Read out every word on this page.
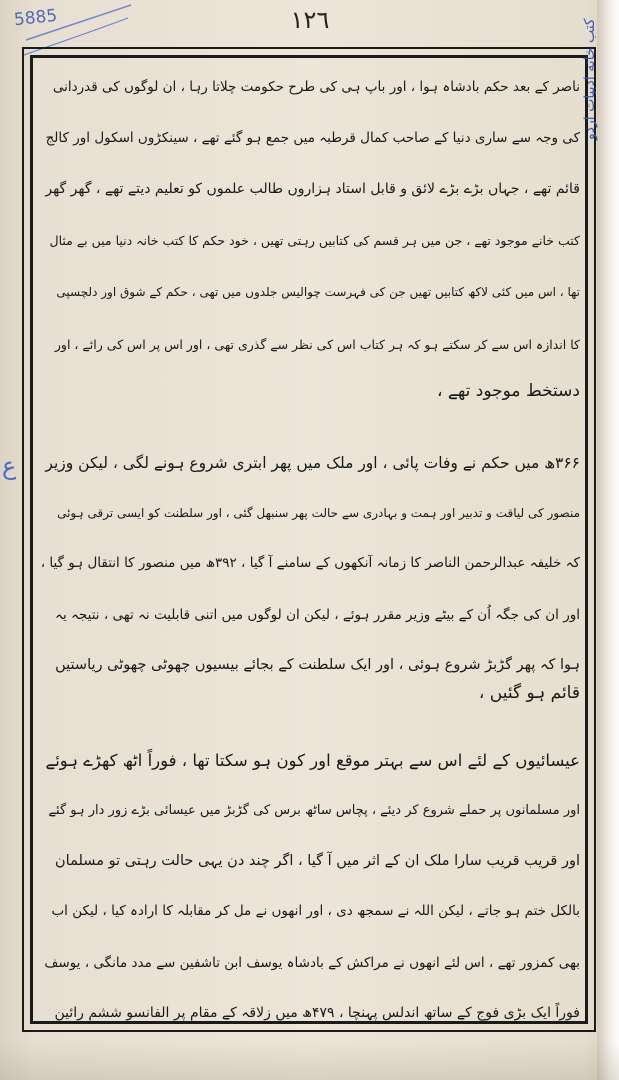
5885	١٢٦	کتب خانه ادبیات اردو
ع
ناصر کے بعد حکم بادشاہ ہوا ، اور باپ ہی کی طرح حکومت چلاتا رہا ، ان لوگوں کی قدردانی
کی وجہ سے ساری دنیا کے صاحب کمال قرطبہ میں جمع ہو گئے تھے ، سینکڑوں اسکول اور کالج
قائم تھے ، جہاں بڑے بڑے لائق و قابل استاد ہزاروں طالب علموں کو تعلیم دیتے تھے ، گھر گھر
کتب خانے موجود تھے ، جن میں ہر قسم کی کتابیں رہتی تھیں ، خود حکم کا کتب خانہ دنیا میں بے مثال
تھا ، اس میں کئی لاکھ کتابیں تھیں جن کی فہرست چوالیس جلدوں میں تھی ، حکم کے شوق اور دلچسپی
کا اندازہ اس سے کر سکتے ہو کہ ہر کتاب اس کی نظر سے گذری تھی ، اور اس پر اس کی رائے ، اور
دستخط موجود تھے ،
۳۶۶ھ میں حکم نے وفات پائی ، اور ملک میں پھر ابتری شروع ہونے لگی ، لیکن وزیر
منصور کی لیاقت و تدبیر اور ہمت و بہادری سے حالت پھر سنبھل گئی ، اور سلطنت کو ایسی ترقی ہوئی
کہ خلیفہ عبدالرحمن الناصر کا زمانہ آنکھوں کے سامنے آ گیا ، ۳۹۲ھ میں منصور کا انتقال ہو گیا ،
اور ان کی جگہ اُن کے بیٹے وزیر مقرر ہوئے ، لیکن ان لوگوں میں اتنی قابلیت نہ تھی ، نتیجہ یہ
ہوا کہ پھر گڑبڑ شروع ہوئی ، اور ایک سلطنت کے بجائے بیسیوں چھوٹی چھوٹی ریاستیں
قائم ہو گئیں ،
عیسائیوں کے لئے اس سے بہتر موقع اور کون ہو سکتا تھا ، فوراً اٹھ کھڑے ہوئے
اور مسلمانوں پر حملے شروع کر دیئے ، پچاس ساٹھ برس کی گڑبڑ میں عیسائی بڑے زور دار ہو گئے
اور قریب قریب سارا ملک ان کے اثر میں آ گیا ، اگر چند دن یہی حالت رہتی تو مسلمان
بالکل ختم ہو جاتے ، لیکن اللہ نے سمجھ دی ، اور انھوں نے مل کر مقابلہ کا ارادہ کیا ، لیکن اب
بھی کمزور تھے ، اس لئے انھوں نے مراکش کے بادشاہ یوسف ابن تاشفین سے مدد مانگی ، یوسف
فوراً ایک بڑی فوج کے ساتھ اندلس پہنچا ، ۴۷۹ھ میں زلاقہ کے مقام پر الفانسو ششم رائین
